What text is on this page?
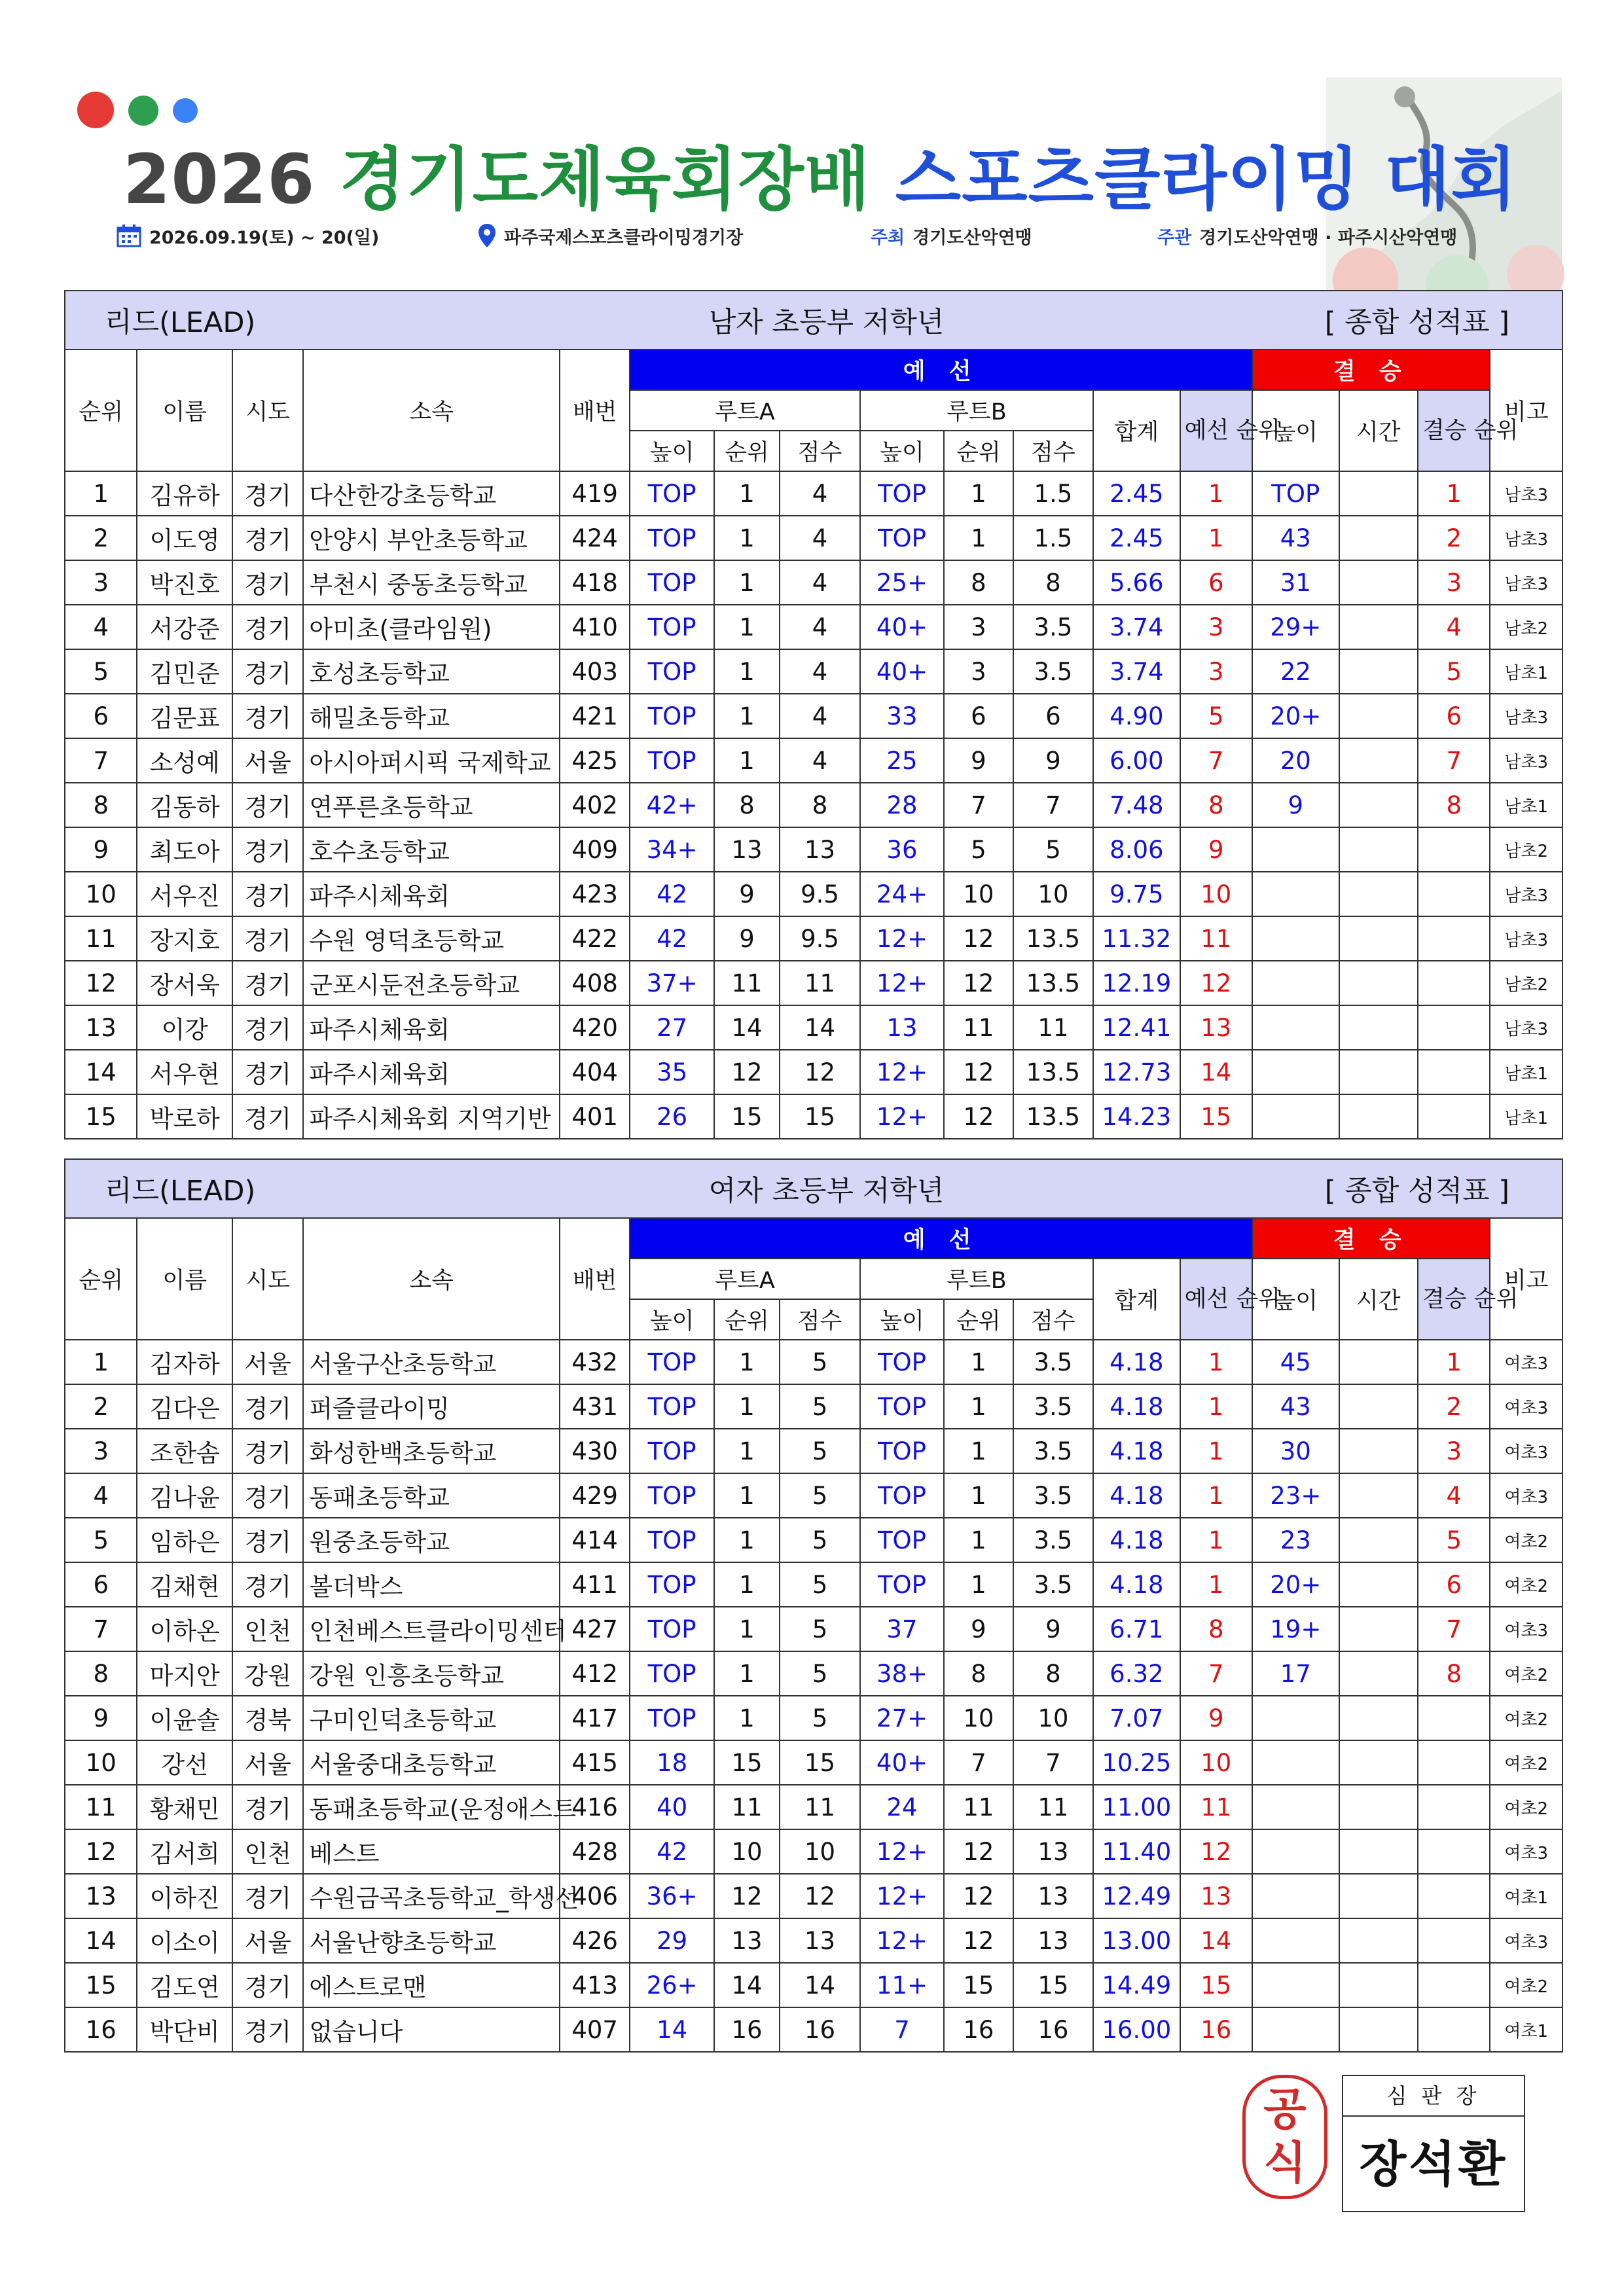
2026 경기도체육회장배 스포츠클라이밍 대회
2026.09.19(토) ~ 20(일)	파주국제스포츠클라이밍경기장	주최 경기도산악연맹	주관 경기도산악연맹 · 파주시산악연맹
리드(LEAD)				남자 초등부 저학년							[ 종합 성적표 ]					
순위	이름	시도	소속	배번	예 선								결 승			비고
					루트A			루트B			합계	예선 순위	높이	시간	결승 순위	
					높이	순위	점수	높이	순위	점수						
1	김유하	경기	다산한강초등학교	419	TOP	1	4	TOP	1	1.5	2.45	1	TOP		1	남초3
2	이도영	경기	안양시 부안초등학교	424	TOP	1	4	TOP	1	1.5	2.45	1	43		2	남초3
3	박진호	경기	부천시 중동초등학교	418	TOP	1	4	25+	8	8	5.66	6	31		3	남초3
4	서강준	경기	아미초(클라임원)	410	TOP	1	4	40+	3	3.5	3.74	3	29+		4	남초2
5	김민준	경기	호성초등학교	403	TOP	1	4	40+	3	3.5	3.74	3	22		5	남초1
6	김문표	경기	해밀초등학교	421	TOP	1	4	33	6	6	4.90	5	20+		6	남초3
7	소성예	서울	아시아퍼시픽 국제학교	425	TOP	1	4	25	9	9	6.00	7	20		7	남초3
8	김동하	경기	연푸른초등학교	402	42+	8	8	28	7	7	7.48	8	9		8	남초1
9	최도아	경기	호수초등학교	409	34+	13	13	36	5	5	8.06	9				남초2
10	서우진	경기	파주시체육회	423	42	9	9.5	24+	10	10	9.75	10				남초3
11	장지호	경기	수원 영덕초등학교	422	42	9	9.5	12+	12	13.5	11.32	11				남초3
12	장서욱	경기	군포시둔전초등학교	408	37+	11	11	12+	12	13.5	12.19	12				남초2
13	이강	경기	파주시체육회	420	27	14	14	13	11	11	12.41	13				남초3
14	서우현	경기	파주시체육회	404	35	12	12	12+	12	13.5	12.73	14				남초1
15	박로하	경기	파주시체육회 지역기반	401	26	15	15	12+	12	13.5	14.23	15				남초1
리드(LEAD)				여자 초등부 저학년							[ 종합 성적표 ]					
순위	이름	시도	소속	배번	예 선								결 승			비고
					루트A			루트B			합계	예선 순위	높이	시간	결승 순위	
					높이	순위	점수	높이	순위	점수						
1	김자하	서울	서울구산초등학교	432	TOP	1	5	TOP	1	3.5	4.18	1	45		1	여초3
2	김다은	경기	퍼즐클라이밍	431	TOP	1	5	TOP	1	3.5	4.18	1	43		2	여초3
3	조한솜	경기	화성한백초등학교	430	TOP	1	5	TOP	1	3.5	4.18	1	30		3	여초3
4	김나윤	경기	동패초등학교	429	TOP	1	5	TOP	1	3.5	4.18	1	23+		4	여초3
5	임하은	경기	원중초등학교	414	TOP	1	5	TOP	1	3.5	4.18	1	23		5	여초2
6	김채현	경기	볼더박스	411	TOP	1	5	TOP	1	3.5	4.18	1	20+		6	여초2
7	이하온	인천	인천베스트클라이밍센터	427	TOP	1	5	37	9	9	6.71	8	19+		7	여초3
8	마지안	강원	강원 인흥초등학교	412	TOP	1	5	38+	8	8	6.32	7	17		8	여초2
9	이윤솔	경북	구미인덕초등학교	417	TOP	1	5	27+	10	10	7.07	9				여초2
10	강선	서울	서울중대초등학교	415	18	15	15	40+	7	7	10.25	10				여초2
11	황채민	경기	동패초등학교(운정애스트	416	40	11	11	24	11	11	11.00	11				여초2
12	김서희	인천	베스트	428	42	10	10	12+	12	13	11.40	12				여초3
13	이하진	경기	수원금곡초등학교_학생선	406	36+	12	12	12+	12	13	12.49	13				여초1
14	이소이	서울	서울난향초등학교	426	29	13	13	12+	12	13	13.00	14				여초3
15	김도연	경기	에스트로맨	413	26+	14	14	11+	15	15	14.49	15				여초2
16	박단비	경기	없습니다	407	14	16	16	7	16	16	16.00	16				여초1
공식
심 판 장
장석환
